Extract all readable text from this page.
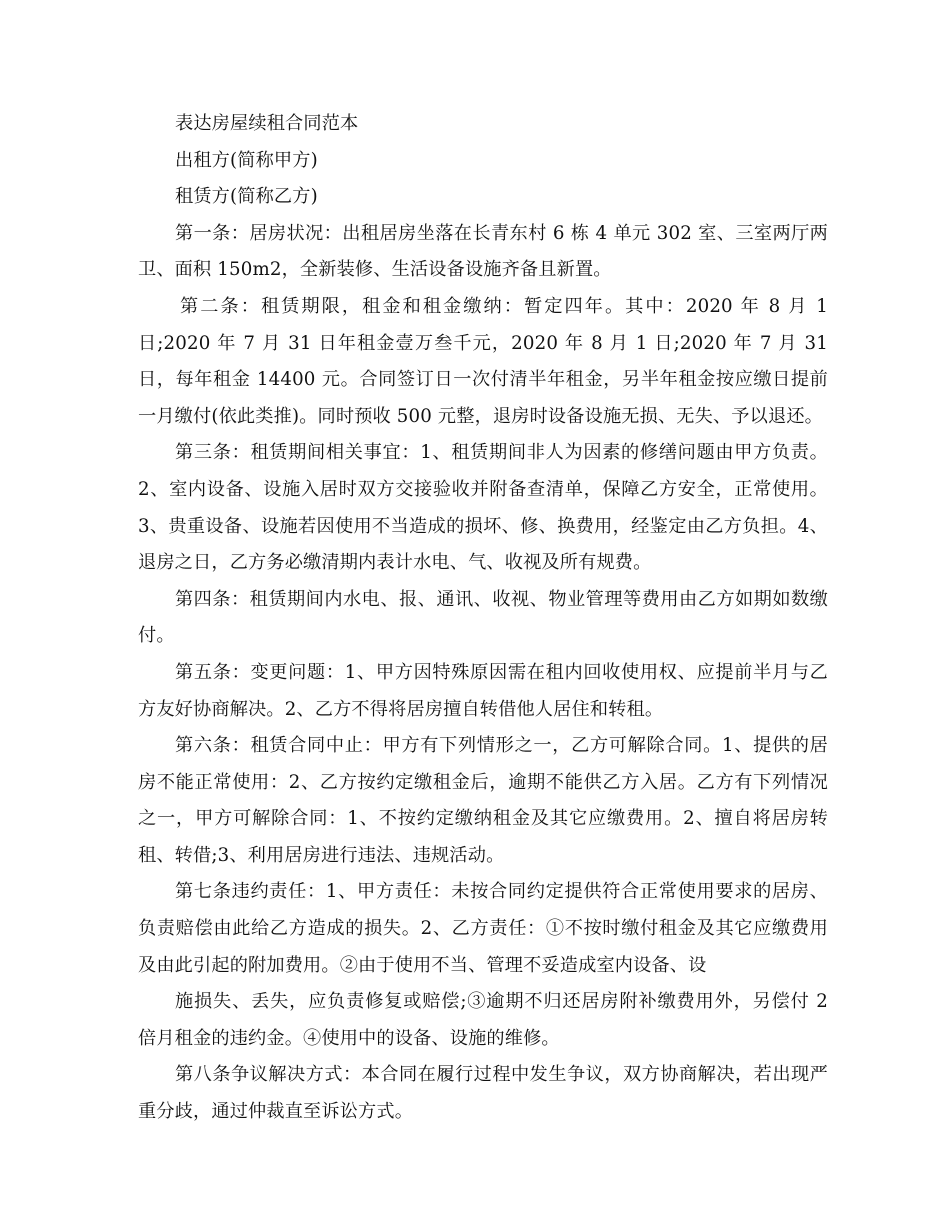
表达房屋续租合同范本

出租方(简称甲方)

租赁方(简称乙方)

第一条：居房状况：出租居房坐落在长青东村 6 栋 4 单元 302 室、三室两厅两卫、面积 150m2，全新装修、生活设备设施齐备且新置。

第二条：租赁期限，租金和租金缴纳：暂定四年。其中：2020 年 8 月 1 日;2020 年 7 月 31 日年租金壹万叁千元，2020 年 8 月 1 日;2020 年 7 月 31 日，每年租金 14400 元。合同签订日一次付清半年租金，另半年租金按应缴日提前一月缴付(依此类推)。同时预收 500 元整，退房时设备设施无损、无失、予以退还。

第三条：租赁期间相关事宜：1、租赁期间非人为因素的修缮问题由甲方负责。2、室内设备、设施入居时双方交接验收并附备查清单，保障乙方安全，正常使用。3、贵重设备、设施若因使用不当造成的损坏、修、换费用，经鉴定由乙方负担。4、退房之日，乙方务必缴清期内表计水电、气、收视及所有规费。

第四条：租赁期间内水电、报、通讯、收视、物业管理等费用由乙方如期如数缴付。

第五条：变更问题：1、甲方因特殊原因需在租内回收使用权、应提前半月与乙方友好协商解决。2、乙方不得将居房擅自转借他人居住和转租。

第六条：租赁合同中止：甲方有下列情形之一，乙方可解除合同。1、提供的居房不能正常使用：2、乙方按约定缴租金后，逾期不能供乙方入居。乙方有下列情况之一，甲方可解除合同：1、不按约定缴纳租金及其它应缴费用。2、擅自将居房转租、转借;3、利用居房进行违法、违规活动。

第七条违约责任：1、甲方责任：未按合同约定提供符合正常使用要求的居房、负责赔偿由此给乙方造成的损失。2、乙方责任：①不按时缴付租金及其它应缴费用及由此引起的附加费用。②由于使用不当、管理不妥造成室内设备、设

施损失、丢失，应负责修复或赔偿;③逾期不归还居房附补缴费用外，另偿付 2 倍月租金的违约金。④使用中的设备、设施的维修。

第八条争议解决方式：本合同在履行过程中发生争议，双方协商解决，若出现严重分歧，通过仲裁直至诉讼方式。
